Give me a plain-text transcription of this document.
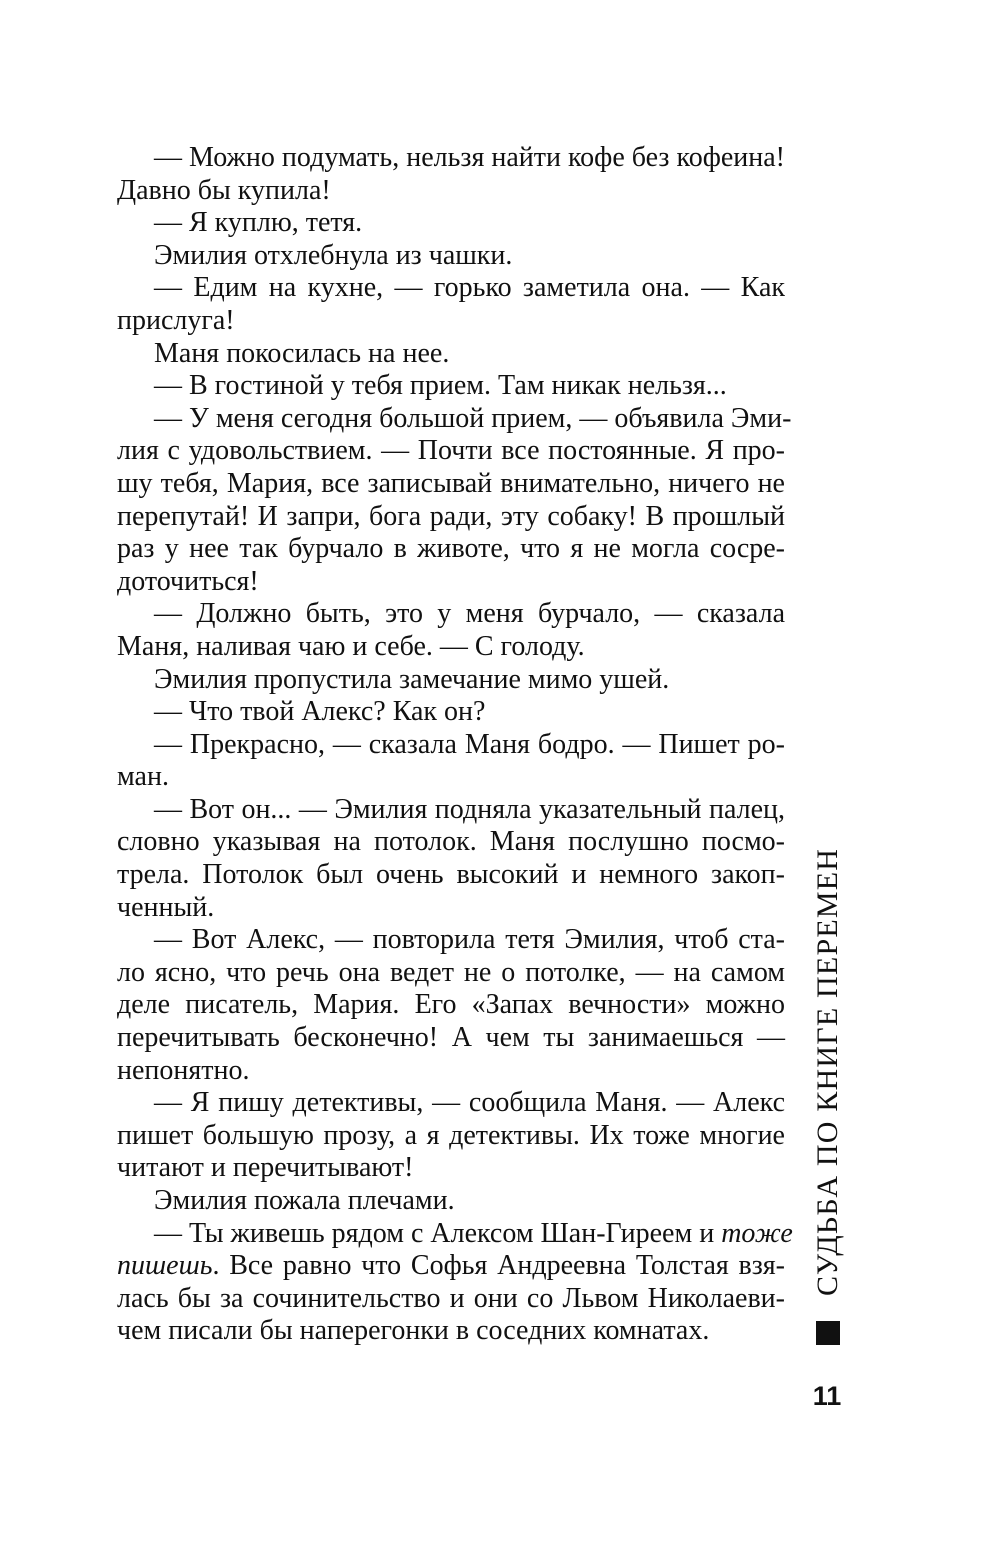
— Можно подумать, нельзя найти кофе без кофеина!
Давно бы купила!
— Я куплю, тетя.
Эмилия отхлебнула из чашки.
— Едим на кухне, — горько заметила она. — Как
прислуга!
Маня покосилась на нее.
— В гостиной у тебя прием. Там никак нельзя...
— У меня сегодня большой прием, — объявила Эми-
лия с удовольствием. — Почти все постоянные. Я про-
шу тебя, Мария, все записывай внимательно, ничего не
перепутай! И запри, бога ради, эту собаку! В прошлый
раз у нее так бурчало в животе, что я не могла сосре-
доточиться!
— Должно быть, это у меня бурчало, — сказала
Маня, наливая чаю и себе. — С голоду.
Эмилия пропустила замечание мимо ушей.
— Что твой Алекс? Как он?
— Прекрасно, — сказала Маня бодро. — Пишет ро-
ман.
— Вот он... — Эмилия подняла указательный палец,
словно указывая на потолок. Маня послушно посмо-
трела. Потолок был очень высокий и немного закоп-
ченный.
— Вот Алекс, — повторила тетя Эмилия, чтоб ста-
ло ясно, что речь она ведет не о потолке, — на самом
деле писатель, Мария. Его «Запах вечности» можно
перечитывать бесконечно! А чем ты занимаешься —
непонятно.
— Я пишу детективы, — сообщила Маня. — Алекс
пишет большую прозу, а я детективы. Их тоже многие
читают и перечитывают!
Эмилия пожала плечами.
— Ты живешь рядом с Алексом Шан-Гиреем и тоже
пишешь. Все равно что Софья Андреевна Толстая взя-
лась бы за сочинительство и они со Львом Николаеви-
чем писали бы наперегонки в соседних комнатах.
СУДЬБА ПО КНИГЕ ПЕРЕМЕН
11
